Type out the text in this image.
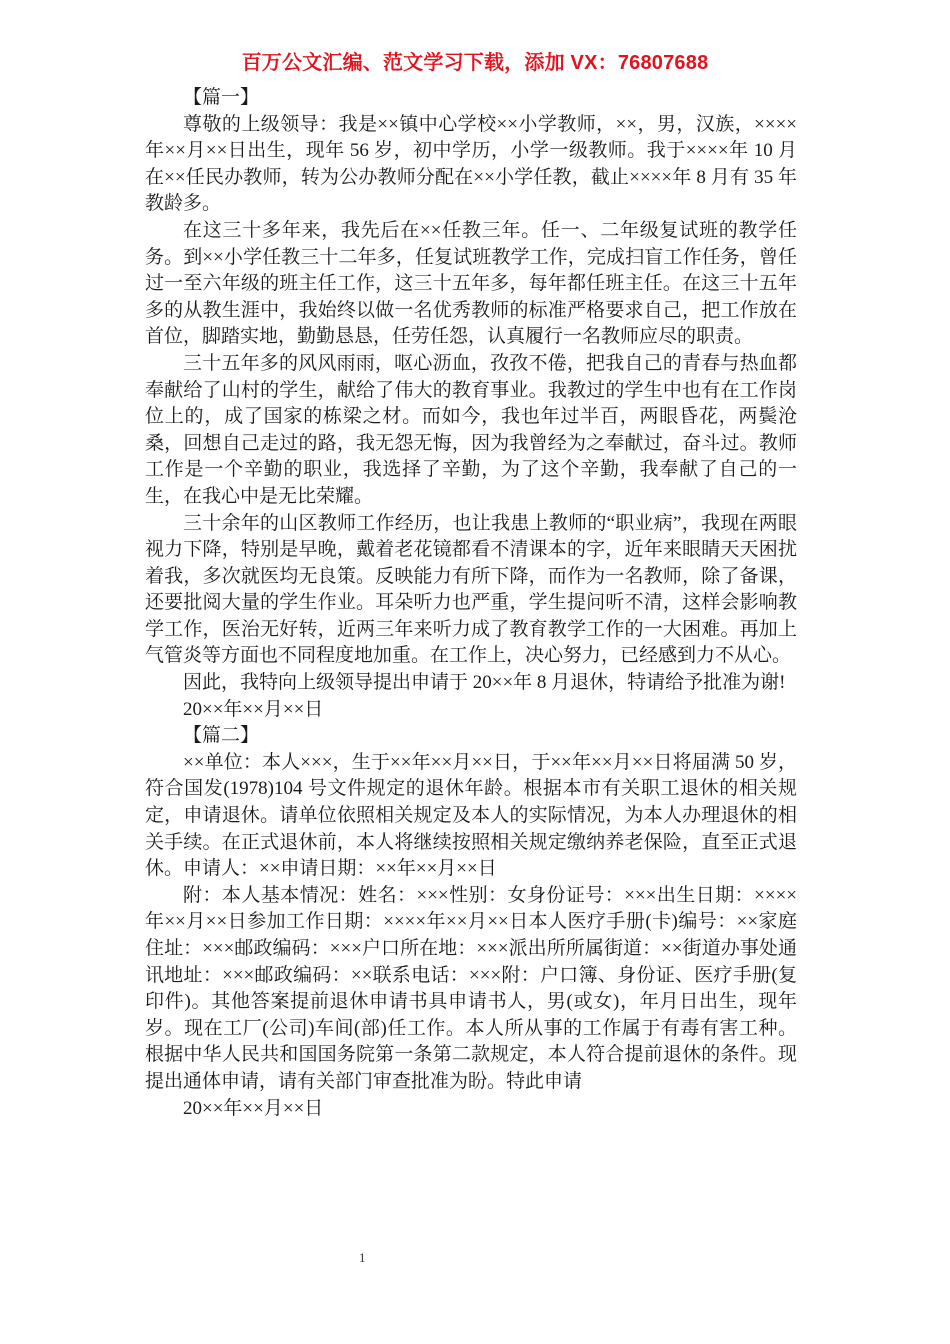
百万公文汇编、范文学习下载，添加 VX：76807688

【篇一】

尊敬的上级领导：我是××镇中心学校××小学教师，××，男，汉族，××××年××月××日出生，现年 56 岁，初中学历，小学一级教师。我于××××年 10 月在××任民办教师，转为公办教师分配在××小学任教，截止××××年 8 月有 35 年教龄多。

在这三十多年来，我先后在××任教三年。任一、二年级复试班的教学任务。到××小学任教三十二年多，任复试班教学工作，完成扫盲工作任务，曾任过一至六年级的班主任工作，这三十五年多，每年都任班主任。在这三十五年多的从教生涯中，我始终以做一名优秀教师的标准严格要求自己，把工作放在首位，脚踏实地，勤勤恳恳，任劳任怨，认真履行一名教师应尽的职责。

三十五年多的风风雨雨，呕心沥血，孜孜不倦，把我自己的青春与热血都奉献给了山村的学生，献给了伟大的教育事业。我教过的学生中也有在工作岗位上的，成了国家的栋梁之材。而如今，我也年过半百，两眼昏花，两鬓沧桑，回想自己走过的路，我无怨无悔，因为我曾经为之奉献过，奋斗过。教师工作是一个辛勤的职业，我选择了辛勤，为了这个辛勤，我奉献了自己的一生，在我心中是无比荣耀。

三十余年的山区教师工作经历，也让我患上教师的“职业病”，我现在两眼视力下降，特别是早晚，戴着老花镜都看不清课本的字，近年来眼睛天天困扰着我，多次就医均无良策。反映能力有所下降，而作为一名教师，除了备课，还要批阅大量的学生作业。耳朵听力也严重，学生提问听不清，这样会影响教学工作，医治无好转，近两三年来听力成了教育教学工作的一大困难。再加上气管炎等方面也不同程度地加重。在工作上，决心努力，已经感到力不从心。

因此，我特向上级领导提出申请于 20××年 8 月退休，特请给予批准为谢!

20××年××月××日

【篇二】

××单位：本人×××，生于××年××月××日，于××年××月××日将届满 50 岁，符合国发(1978)104 号文件规定的退休年龄。根据本市有关职工退休的相关规定，申请退休。请单位依照相关规定及本人的实际情况，为本人办理退休的相关手续。在正式退休前，本人将继续按照相关规定缴纳养老保险，直至正式退休。申请人：××申请日期：××年××月××日

附：本人基本情况：姓名：×××性别：女身份证号：×××出生日期：××××年××月××日参加工作日期：××××年××月××日本人医疗手册(卡)编号：××家庭住址：×××邮政编码：×××户口所在地：×××派出所所属街道：××街道办事处通讯地址：×××邮政编码：××联系电话：×××附：户口簿、身份证、医疗手册(复印件)。其他答案提前退休申请书具申请书人，男(或女)，年月日出生，现年岁。现在工厂(公司)车间(部)任工作。本人所从事的工作属于有毒有害工种。根据中华人民共和国国务院第一条第二款规定，本人符合提前退休的条件。现提出通体申请，请有关部门审查批准为盼。特此申请

20××年××月××日

1
